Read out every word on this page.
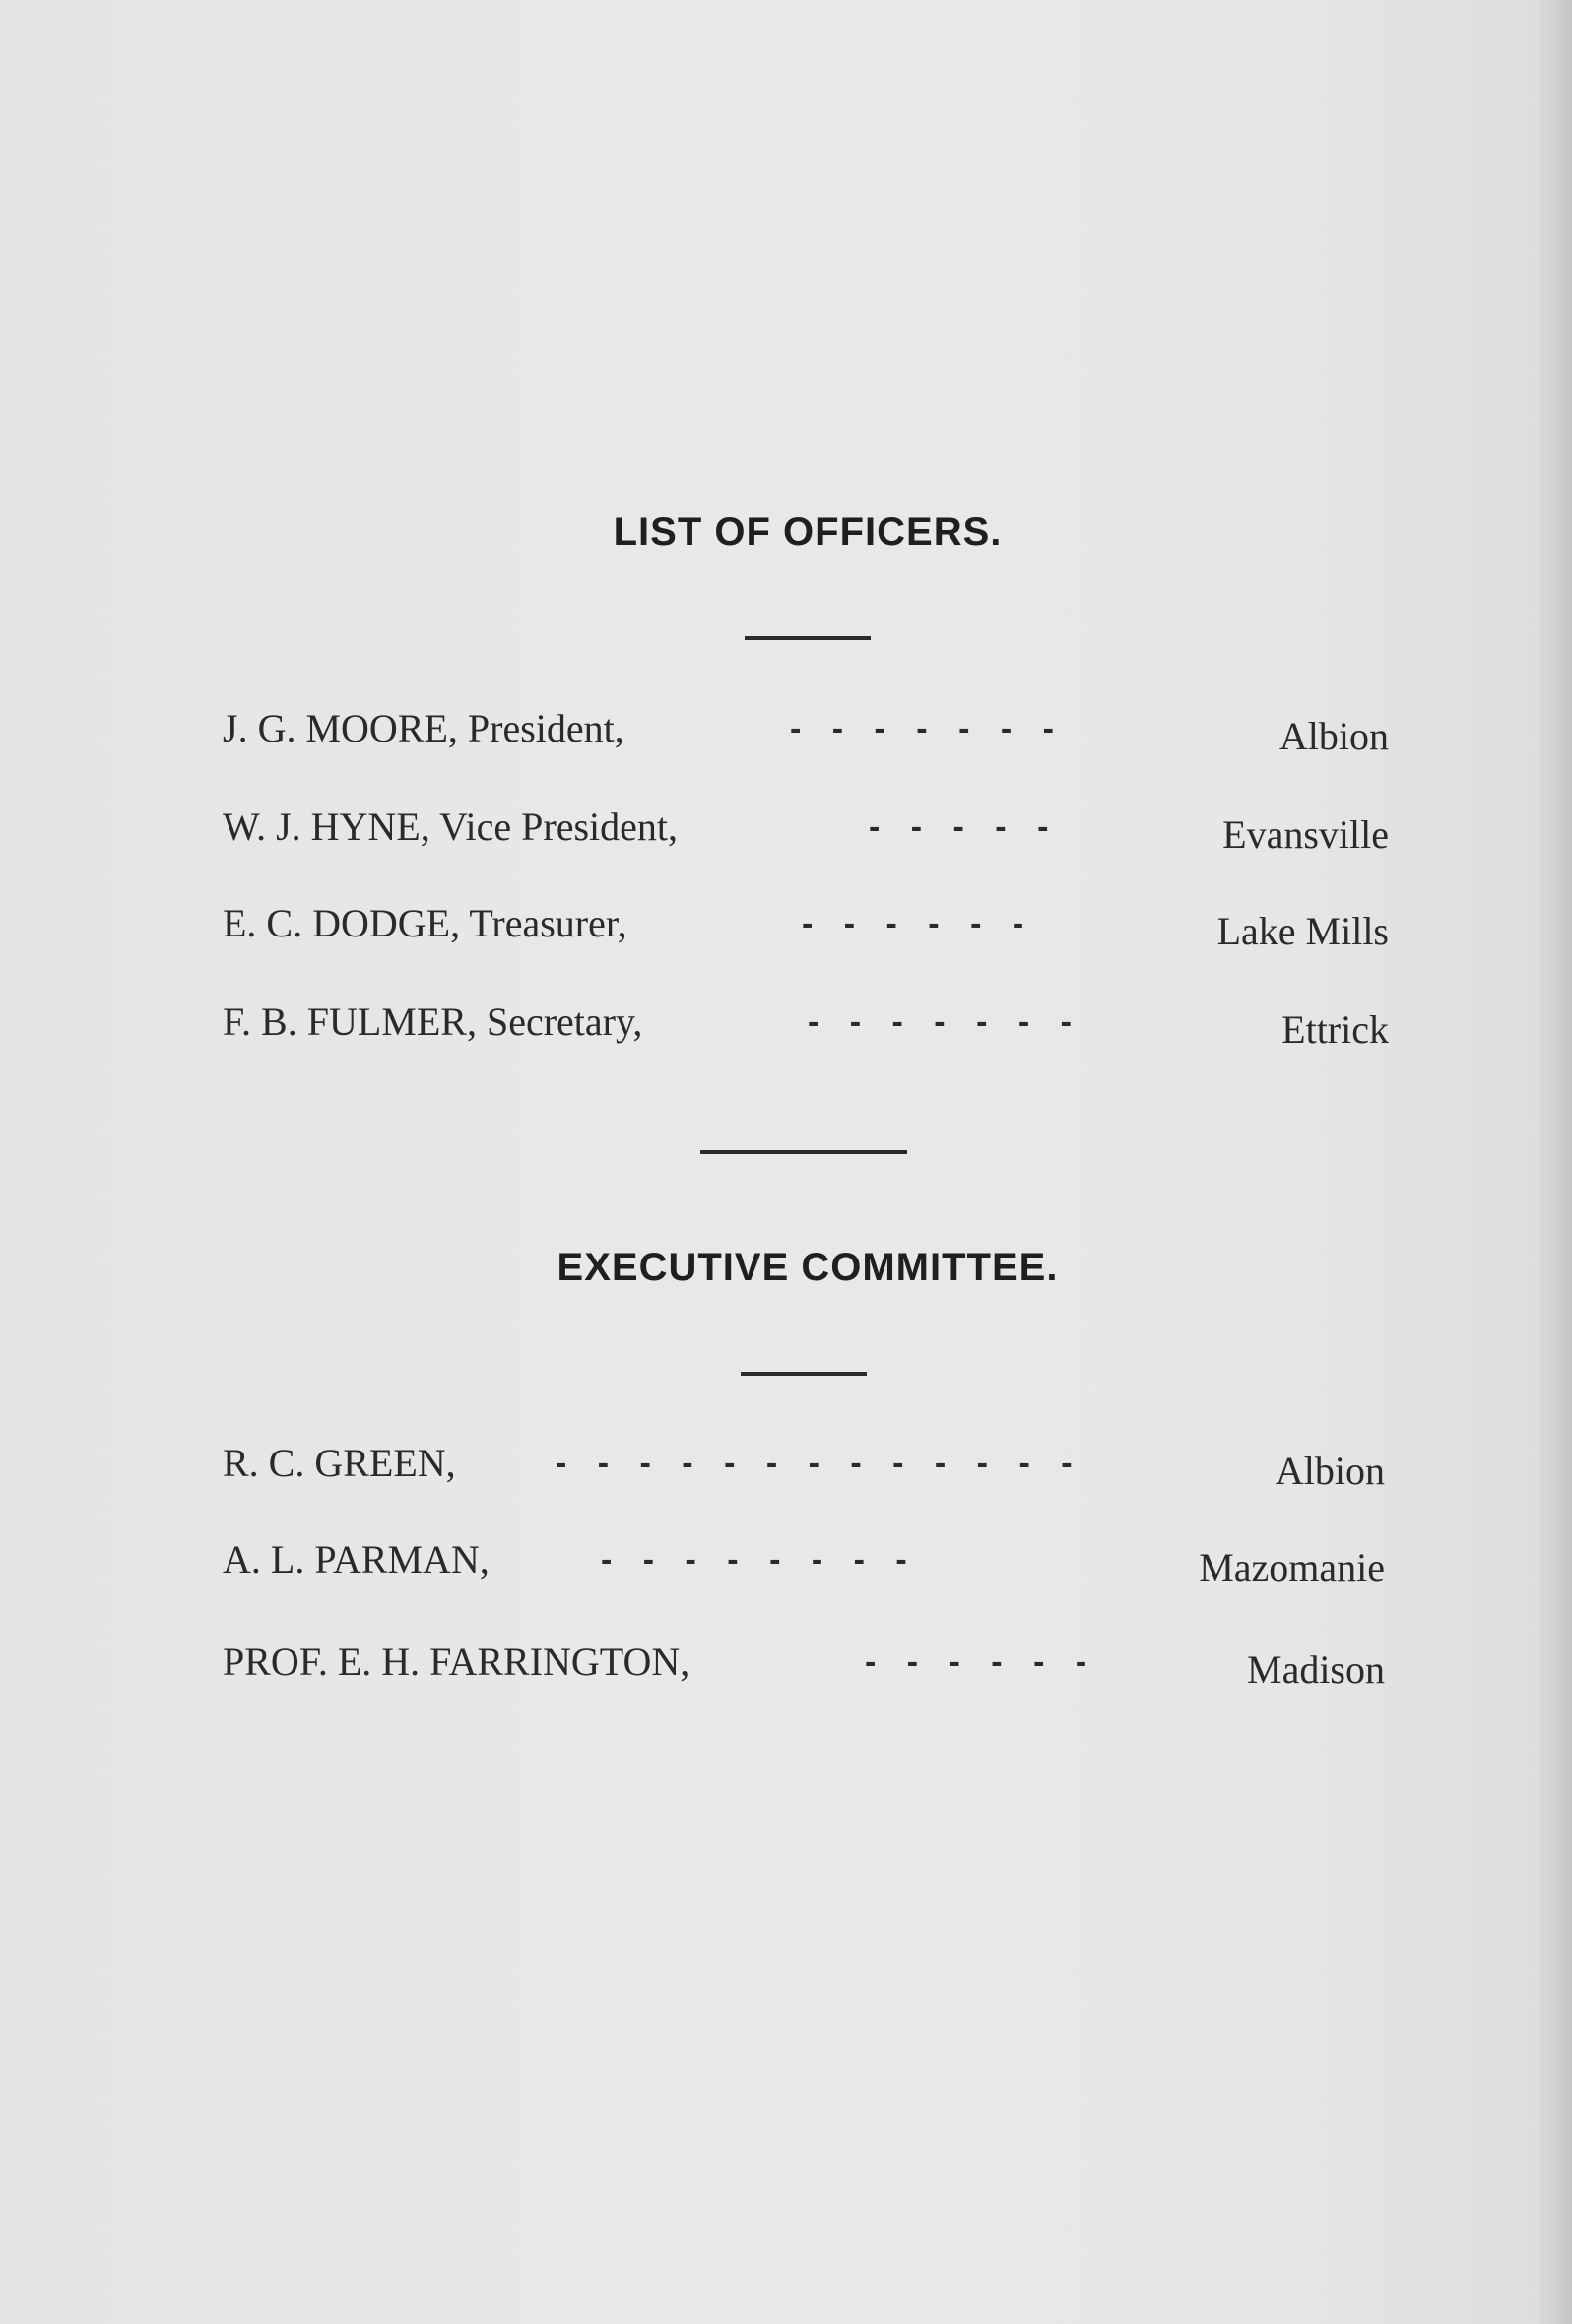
LIST OF OFFICERS.
J. G. MOORE, President,	- - - - - - -	Albion
W. J. HYNE, Vice President,	- - - - -	Evansville
E. C. DODGE, Treasurer,	- - - - - -	Lake Mills
F. B. FULMER, Secretary,	- - - - - - -	Ettrick
EXECUTIVE COMMITTEE.
R. C. GREEN,	- - - - - - - - - - - - -	Albion
A. L. PARMAN,	- - - - - - - -	Mazomanie
PROF. E. H. FARRINGTON,	- - - - - -	Madison
